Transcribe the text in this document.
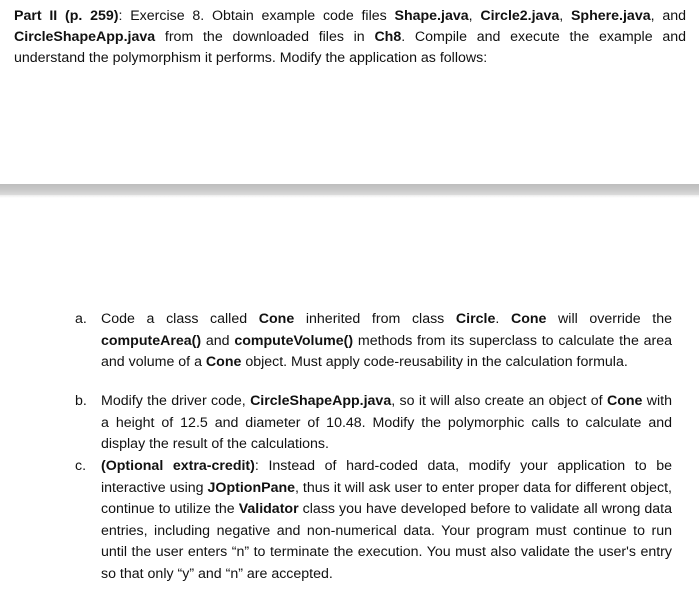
Part II (p. 259): Exercise 8. Obtain example code files Shape.java, Circle2.java, Sphere.java, and CircleShapeApp.java from the downloaded files in Ch8. Compile and execute the example and understand the polymorphism it performs. Modify the application as follows:

a. Code a class called Cone inherited from class Circle. Cone will override the computeArea() and computeVolume() methods from its superclass to calculate the area and volume of a Cone object. Must apply code-reusability in the calculation formula.

b. Modify the driver code, CircleShapeApp.java, so it will also create an object of Cone with a height of 12.5 and diameter of 10.48. Modify the polymorphic calls to calculate and display the result of the calculations.

c. (Optional extra-credit): Instead of hard-coded data, modify your application to be interactive using JOptionPane, thus it will ask user to enter proper data for different object, continue to utilize the Validator class you have developed before to validate all wrong data entries, including negative and non-numerical data. Your program must continue to run until the user enters “n” to terminate the execution. You must also validate the user's entry so that only “y” and “n” are accepted.
